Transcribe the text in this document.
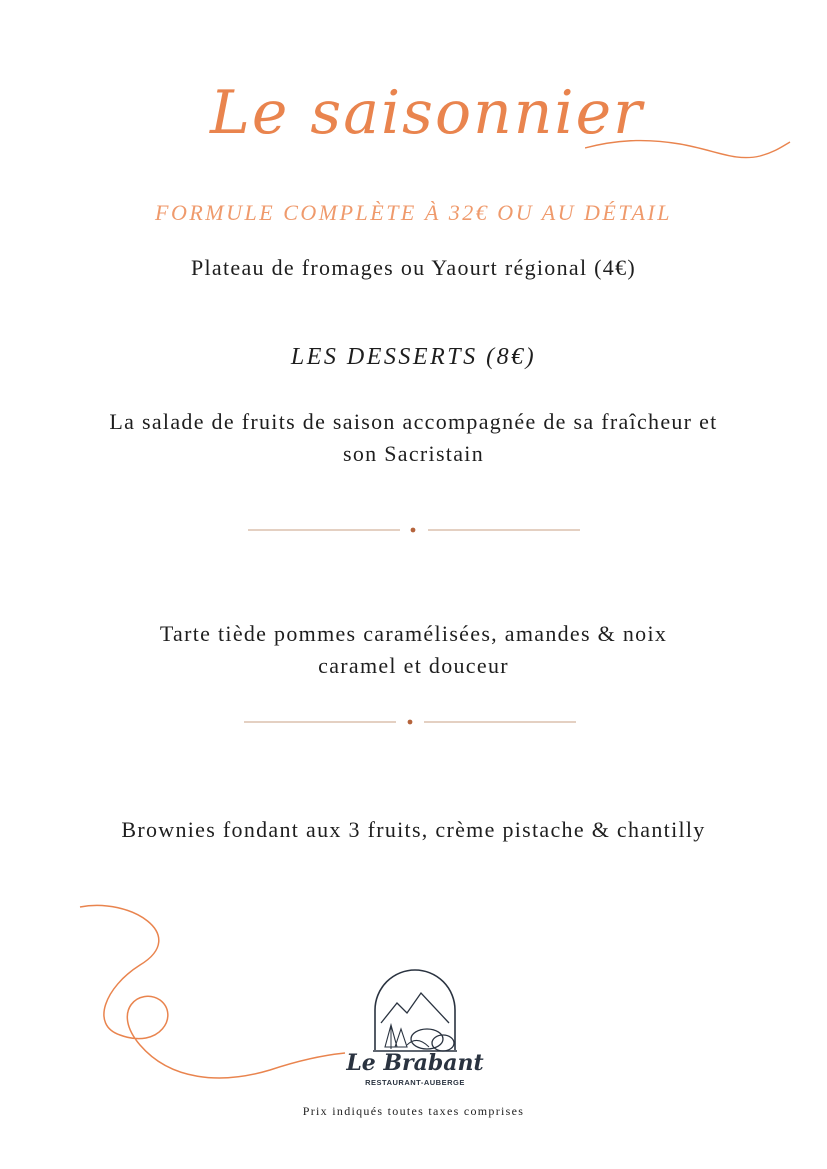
Le saisonnier
FORMULE COMPLÈTE À 32€ OU AU DÉTAIL
Plateau de fromages ou Yaourt régional (4€)
LES DESSERTS (8€)
La salade de fruits de saison accompagnée de sa fraîcheur et
son Sacristain
Tarte tiède pommes caramélisées, amandes & noix
caramel et douceur
Brownies fondant aux 3 fruits, crème pistache & chantilly
Le Brabant
RESTAURANT-AUBERGE
Prix indiqués toutes taxes comprises
